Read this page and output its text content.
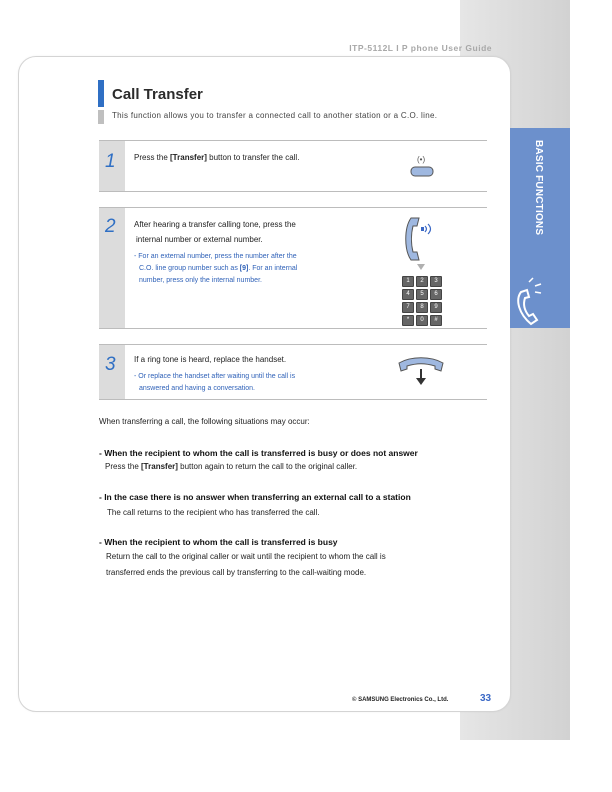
ITP-5112L I P phone User Guide
BASIC FUNCTIONS
Call Transfer
This function allows you to transfer a connected call to another station or a C.O. line.
1 Press the [Transfer] button to transfer the call.	(•)
2 After hearing a transfer calling tone, press the
internal number or external number.
- For an external number, press the number after the
C.O. line group number such as [9]. For an internal
number, press only the internal number.	1	2	3
4	5	6
7	8	9
*	0	#
3 If a ring tone is heard, replace the handset.
- Or replace the handset after waiting until the call is
answered and having a conversation.
When transferring a call, the following situations may occur:
- When the recipient to whom the call is transferred is busy or does not answer
Press the [Transfer] button again to return the call to the original caller.
- In the case there is no answer when transferring an external call to a station
The call returns to the recipient who has transferred the call.
- When the recipient to whom the call is transferred is busy
Return the call to the original caller or wait until the recipient to whom the call is
transferred ends the previous call by transferring to the call-waiting mode.
© SAMSUNG Electronics Co., Ltd.	33
